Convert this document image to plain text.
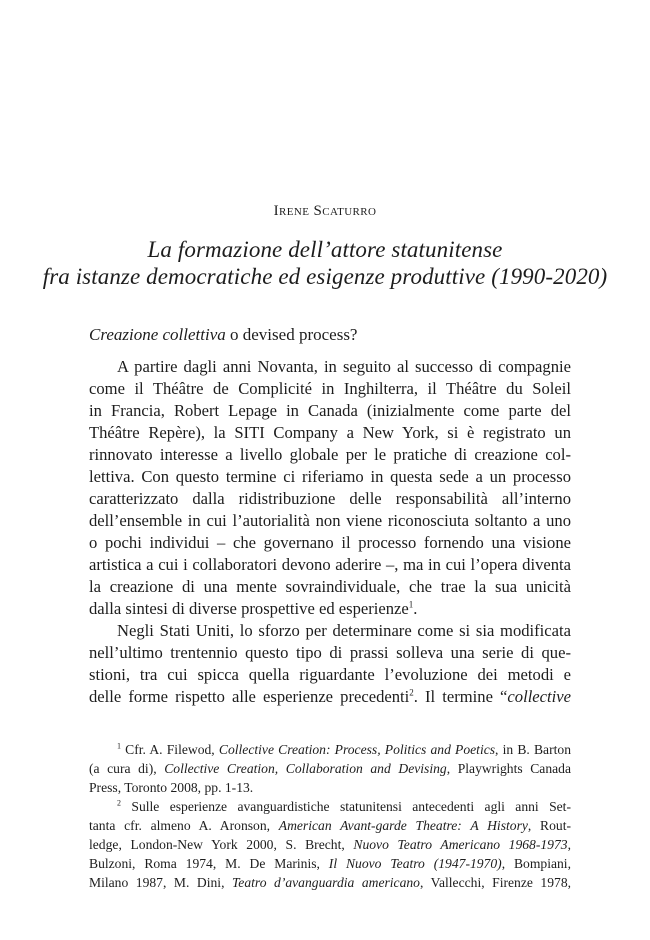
Irene Scaturro
La formazione dell’attore statunitense
fra istanze democratiche ed esigenze produttive (1990-2020)
Creazione collettiva o devised process?
A partire dagli anni Novanta, in seguito al successo di compagnie
come il Théâtre de Complicité in Inghilterra, il Théâtre du Soleil
in Francia, Robert Lepage in Canada (inizialmente come parte del
Théâtre Repère), la SITI Company a New York, si è registrato un
rinnovato interesse a livello globale per le pratiche di creazione col-
lettiva. Con questo termine ci riferiamo in questa sede a un processo
caratterizzato dalla ridistribuzione delle responsabilità all’interno
dell’ensemble in cui l’autorialità non viene riconosciuta soltanto a uno
o pochi individui – che governano il processo fornendo una visione
artistica a cui i collaboratori devono aderire –, ma in cui l’opera diventa
la creazione di una mente sovraindividuale, che trae la sua unicità
dalla sintesi di diverse prospettive ed esperienze$^1$.
Negli Stati Uniti, lo sforzo per determinare come si sia modificata
nell’ultimo trentennio questo tipo di prassi solleva una serie di que-
stioni, tra cui spicca quella riguardante l’evoluzione dei metodi e
delle forme rispetto alle esperienze precedenti$^2$. Il termine “collective
$^1$ Cfr. A. Filewod, Collective Creation: Process, Politics and Poetics, in B. Barton
(a cura di), Collective Creation, Collaboration and Devising, Playwrights Canada
Press, Toronto 2008, pp. 1-13.
$^2$ Sulle esperienze avanguardistiche statunitensi antecedenti agli anni Set-
tanta cfr. almeno A. Aronson, American Avant-garde Theatre: A History, Rout-
ledge, London-New York 2000, S. Brecht, Nuovo Teatro Americano 1968-1973,
Bulzoni, Roma 1974, M. De Marinis, Il Nuovo Teatro (1947-1970), Bompiani,
Milano 1987, M. Dini, Teatro d’avanguardia americano, Vallecchi, Firenze 1978,
